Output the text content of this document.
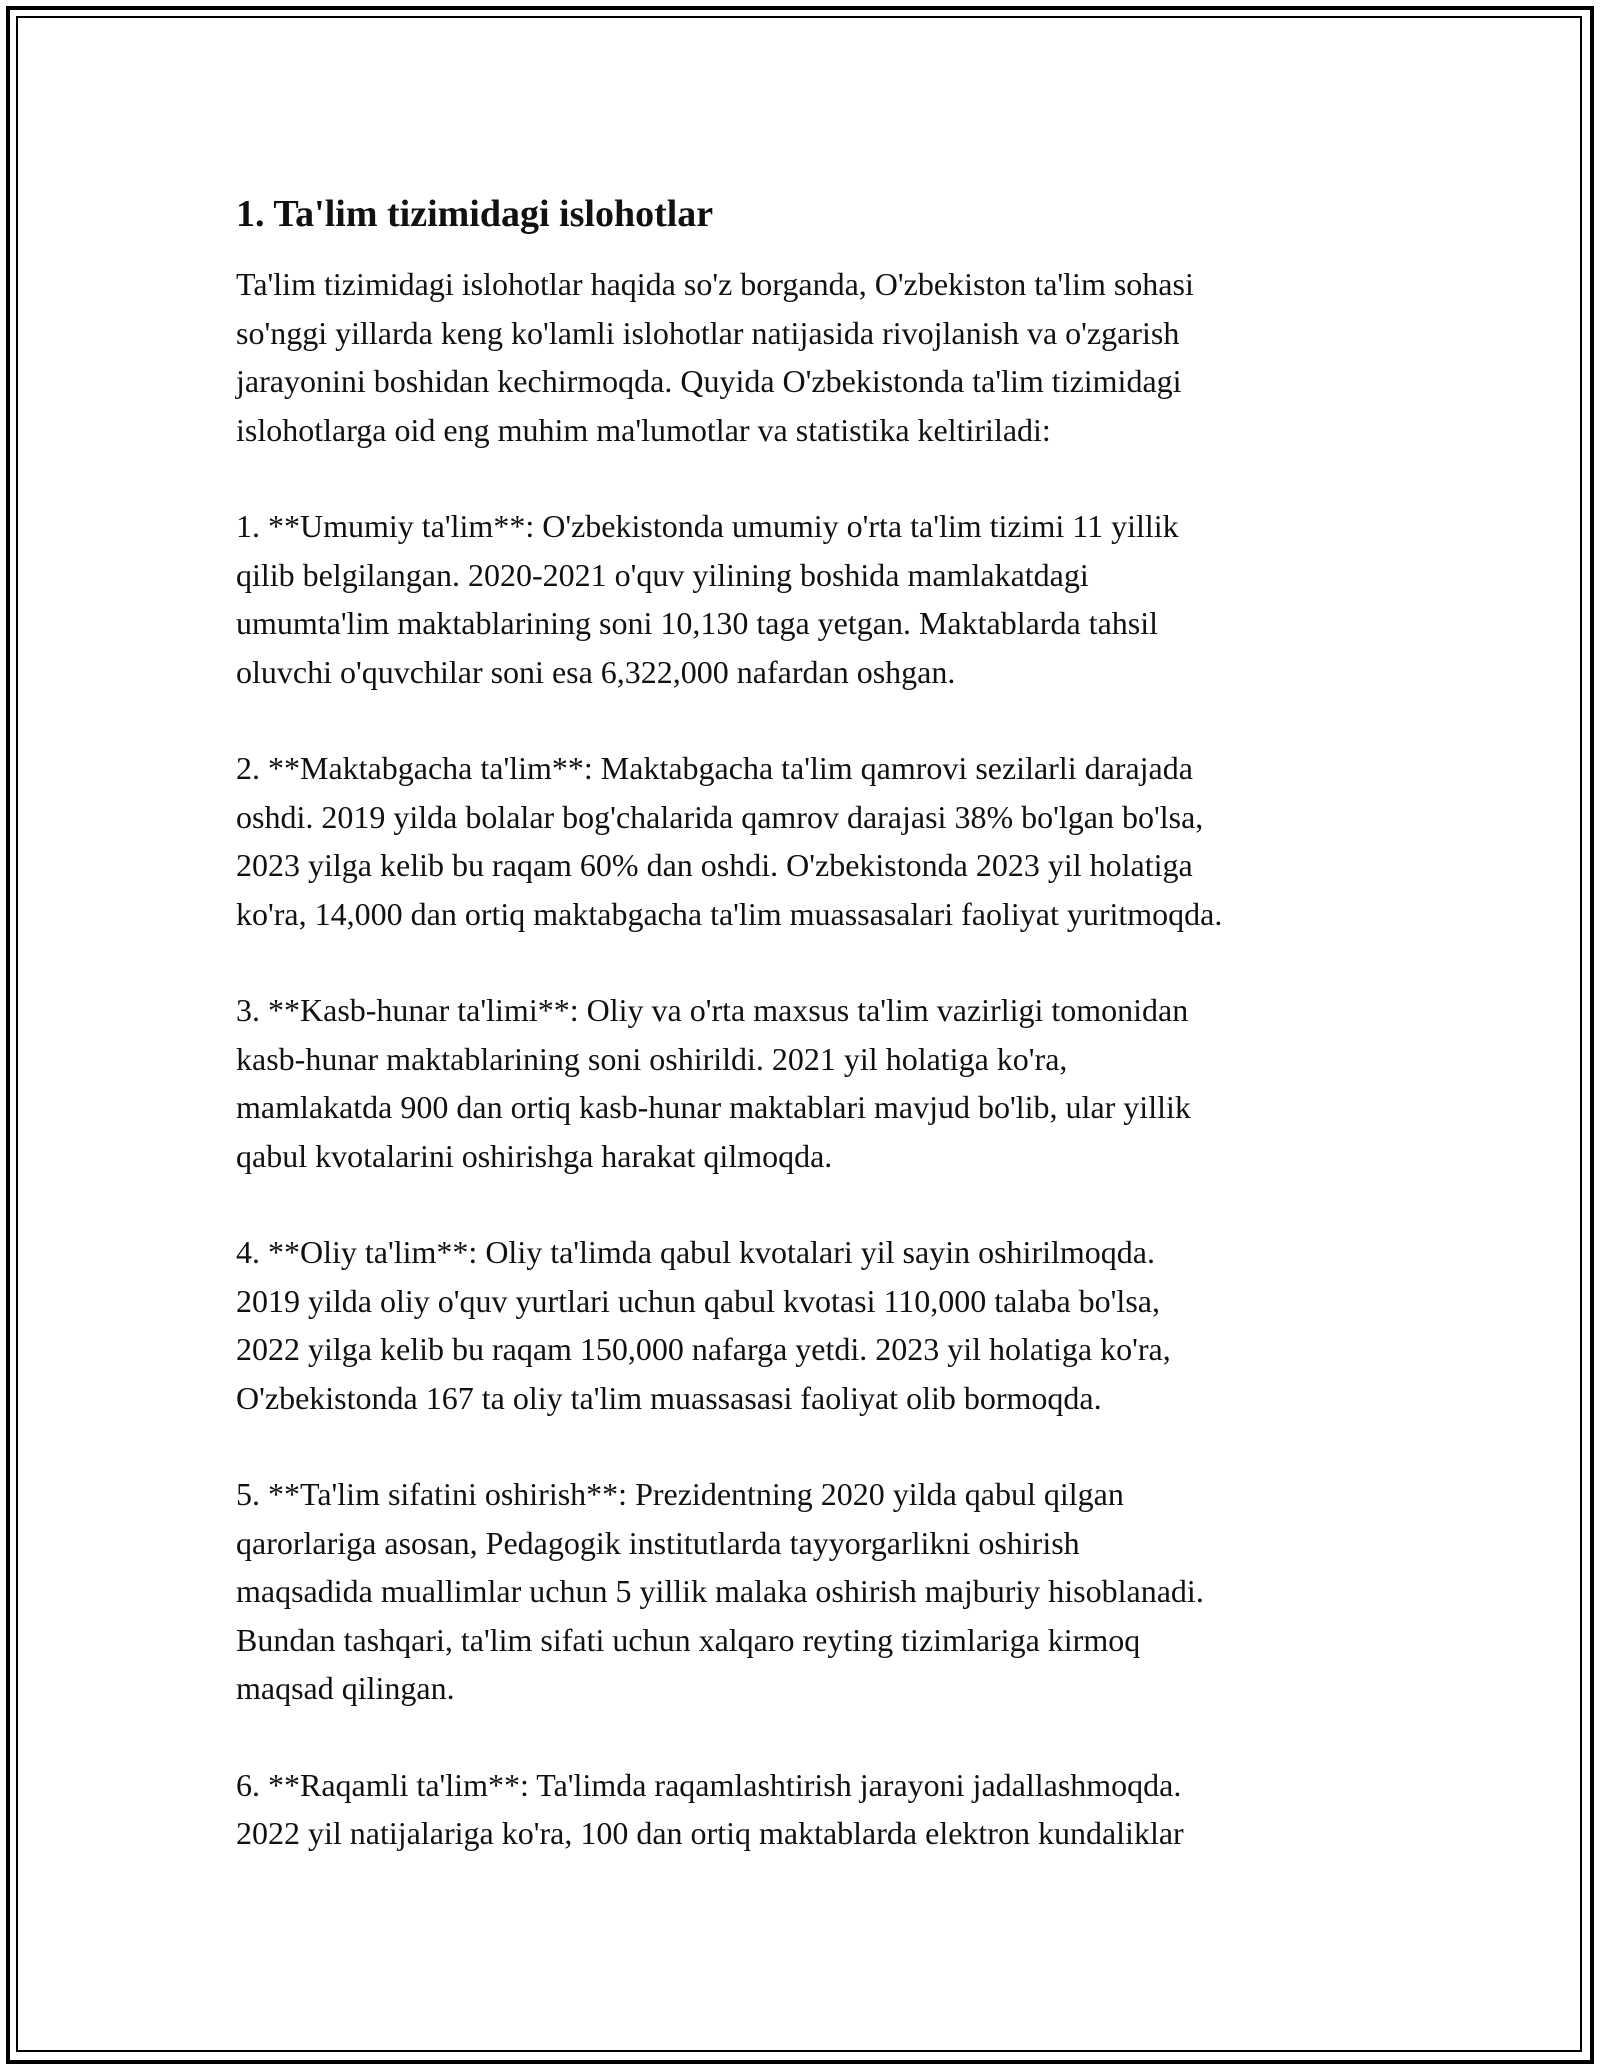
1. Ta'lim tizimidagi islohotlar

Ta'lim tizimidagi islohotlar haqida so'z borganda, O'zbekiston ta'lim sohasi
so'nggi yillarda keng ko'lamli islohotlar natijasida rivojlanish va o'zgarish
jarayonini boshidan kechirmoqda. Quyida O'zbekistonda ta'lim tizimidagi
islohotlarga oid eng muhim ma'lumotlar va statistika keltiriladi:

1. **Umumiy ta'lim**: O'zbekistonda umumiy o'rta ta'lim tizimi 11 yillik
qilib belgilangan. 2020-2021 o'quv yilining boshida mamlakatdagi
umumta'lim maktablarining soni 10,130 taga yetgan. Maktablarda tahsil
oluvchi o'quvchilar soni esa 6,322,000 nafardan oshgan.

2. **Maktabgacha ta'lim**: Maktabgacha ta'lim qamrovi sezilarli darajada
oshdi. 2019 yilda bolalar bog'chalarida qamrov darajasi 38% bo'lgan bo'lsa,
2023 yilga kelib bu raqam 60% dan oshdi. O'zbekistonda 2023 yil holatiga
ko'ra, 14,000 dan ortiq maktabgacha ta'lim muassasalari faoliyat yuritmoqda.

3. **Kasb-hunar ta'limi**: Oliy va o'rta maxsus ta'lim vazirligi tomonidan
kasb-hunar maktablarining soni oshirildi. 2021 yil holatiga ko'ra,
mamlakatda 900 dan ortiq kasb-hunar maktablari mavjud bo'lib, ular yillik
qabul kvotalarini oshirishga harakat qilmoqda.

4. **Oliy ta'lim**: Oliy ta'limda qabul kvotalari yil sayin oshirilmoqda.
2019 yilda oliy o'quv yurtlari uchun qabul kvotasi 110,000 talaba bo'lsa,
2022 yilga kelib bu raqam 150,000 nafarga yetdi. 2023 yil holatiga ko'ra,
O'zbekistonda 167 ta oliy ta'lim muassasasi faoliyat olib bormoqda.

5. **Ta'lim sifatini oshirish**: Prezidentning 2020 yilda qabul qilgan
qarorlariga asosan, Pedagogik institutlarda tayyorgarlikni oshirish
maqsadida muallimlar uchun 5 yillik malaka oshirish majburiy hisoblanadi.
Bundan tashqari, ta'lim sifati uchun xalqaro reyting tizimlariga kirmoq
maqsad qilingan.

6. **Raqamli ta'lim**: Ta'limda raqamlashtirish jarayoni jadallashmoqda.
2022 yil natijalariga ko'ra, 100 dan ortiq maktablarda elektron kundaliklar
